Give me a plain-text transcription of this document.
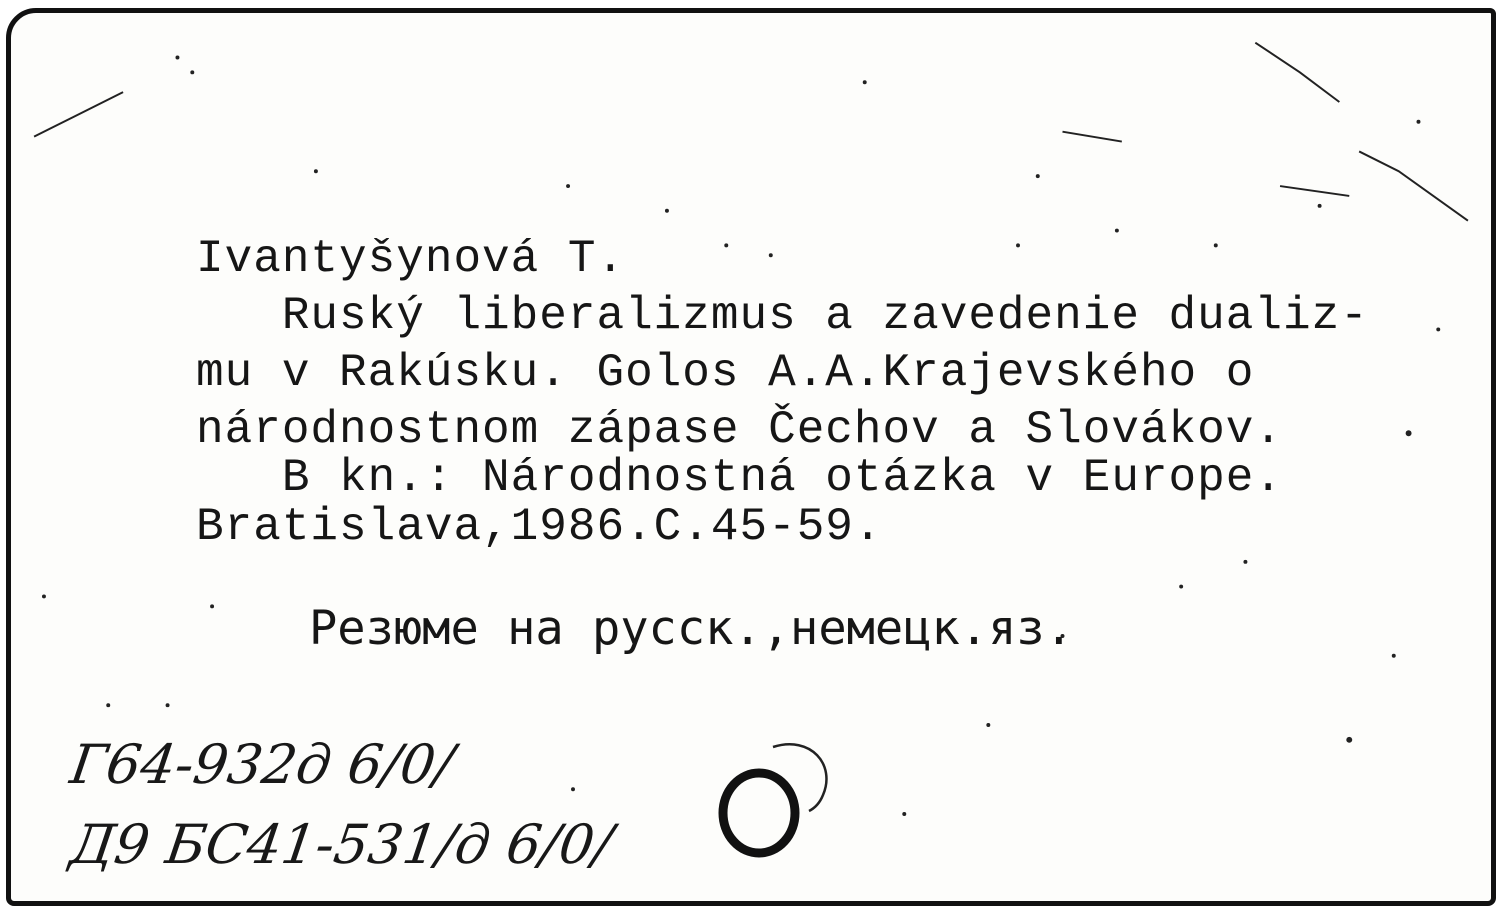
Ivantyšynová T.

Ruský liberalizmus a zavedenie dualiz-

mu v Rakúsku. Golos A.A.Krajevského o

národnostnom zápase Čechov a Slovákov.

B kn.: Národnostná otázka v Europe.

Bratislava,1986.C.45-59.

Резюме на русск.,немецк.яз.

Г64-932д 6/0/

Д9 БС41-531/д 6/0/
